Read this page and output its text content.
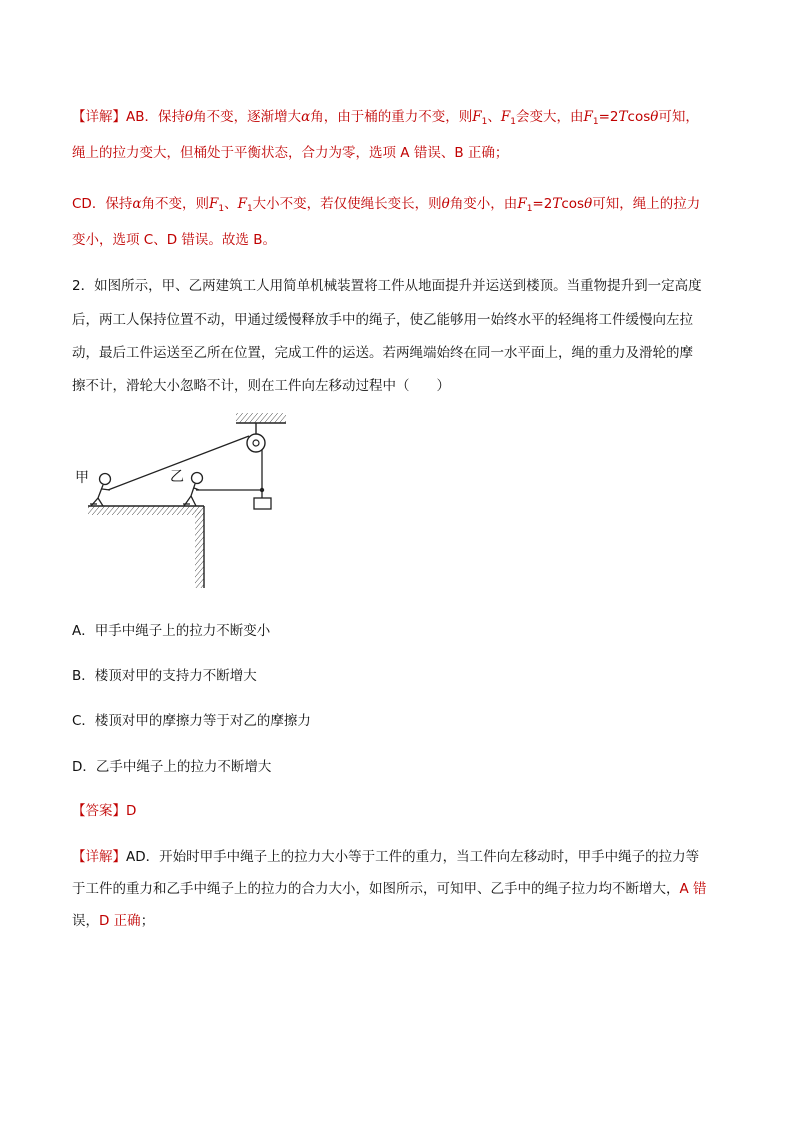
【详解】AB．保持θ角不变，逐渐增大α角，由于桶的重力不变，则$F_1$、$F_1$会变大，由$F_1=2Tcos\theta$可知，
绳上的拉力变大，但桶处于平衡状态，合力为零，选项 A 错误、B 正确；
CD．保持α角不变，则$F_1$、$F_1$大小不变，若仅使绳长变长，则θ角变小，由$F_1=2Tcos\theta$可知，绳上的拉力
变小，选项 C、D 错误。故选 B。
2．如图所示，甲、乙两建筑工人用简单机械装置将工件从地面提升并运送到楼顶。当重物提升到一定高度
后，两工人保持位置不动，甲通过缓慢释放手中的绳子，使乙能够用一始终水平的轻绳将工件缓慢向左拉
动，最后工件运送至乙所在位置，完成工件的运送。若两绳端始终在同一水平面上，绳的重力及滑轮的摩
擦不计，滑轮大小忽略不计，则在工件向左移动过程中（　　）
甲	乙
A．甲手中绳子上的拉力不断变小
B．楼顶对甲的支持力不断增大
C．楼顶对甲的摩擦力等于对乙的摩擦力
D．乙手中绳子上的拉力不断增大
【答案】D
【详解】AD．开始时甲手中绳子上的拉力大小等于工件的重力，当工件向左移动时，甲手中绳子的拉力等
于工件的重力和乙手中绳子上的拉力的合力大小，如图所示，可知甲、乙手中的绳子拉力均不断增大，A 错
误，D 正确；
